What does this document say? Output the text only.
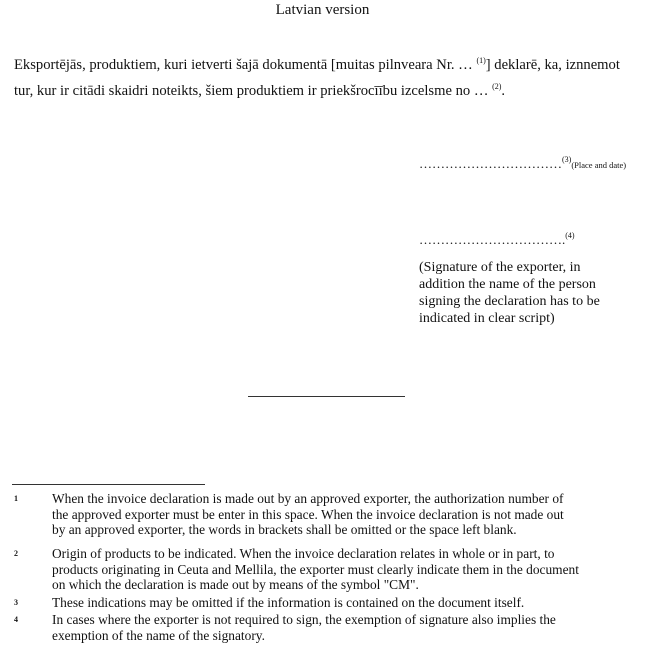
Latvian version
Eksportējās, produktiem, kuri ietverti šajā dokumentā [muitas pilnveara Nr. … $^{(1)}$] deklarē, ka, iznnemot
tur, kur ir citādi skaidri noteikts, šiem produktiem ir priekšrocīību izcelsme no … $^{(2)}$.
……………………………$^{(3)}$(Place and date)
…………………………….$^{(4)}$
(Signature of the exporter, in
addition the name of the person
signing the declaration has to be
indicated in clear script)
1	When the invoice declaration is made out by an approved exporter, the authorization number of
the approved exporter must be enter in this space. When the invoice declaration is not made out
by an approved exporter, the words in brackets shall be omitted or the space left blank.
2	Origin of products to be indicated. When the invoice declaration relates in whole or in part, to
products originating in Ceuta and Mellila, the exporter must clearly indicate them in the document
on which the declaration is made out by means of the symbol "CM".
3	These indications may be omitted if the information is contained on the document itself.
4	In cases where the exporter is not required to sign, the exemption of signature also implies the
exemption of the name of the signatory.
